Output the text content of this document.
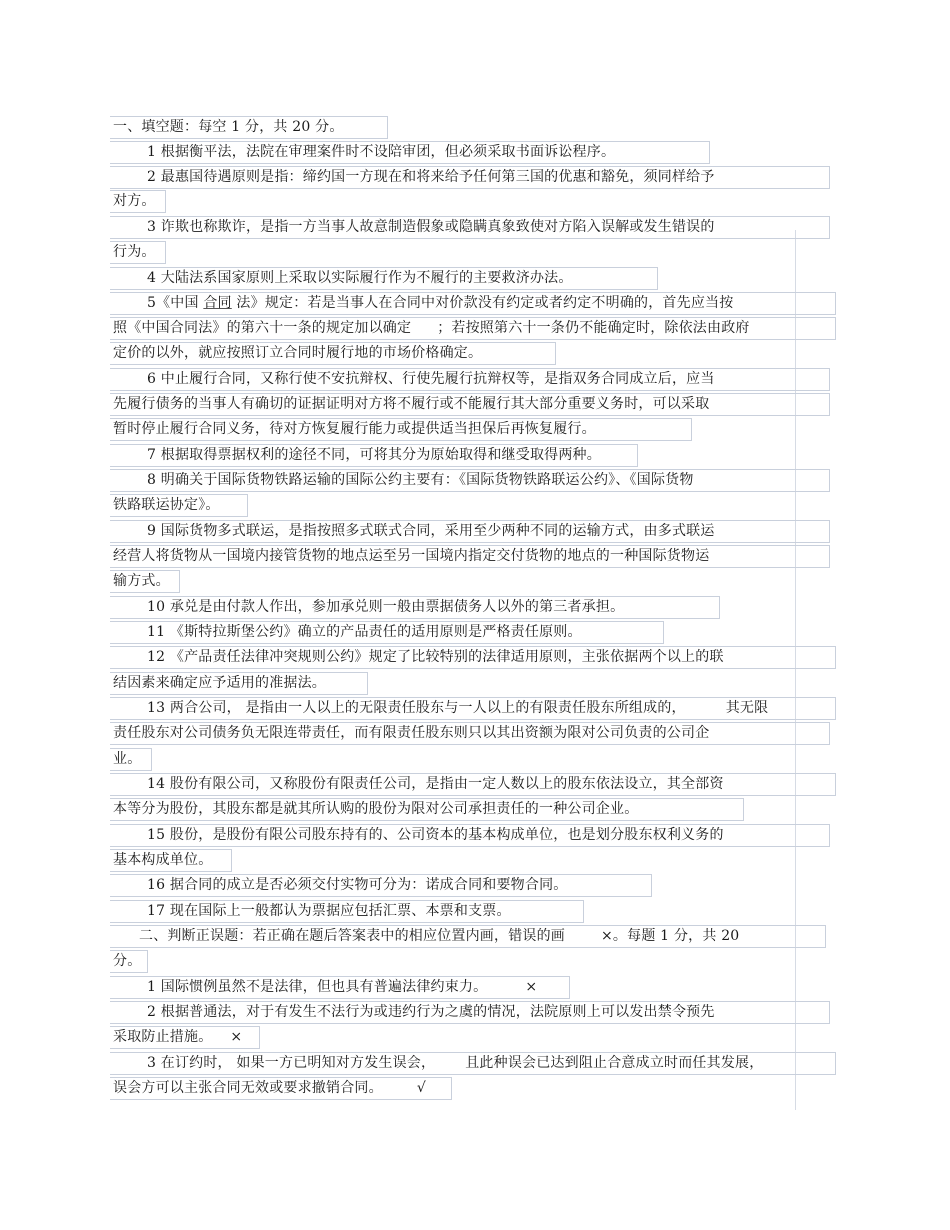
一、填空题：每空 1 分，共 20 分。
1 根据衡平法，法院在审理案件时不设陪审团，但必须采取书面诉讼程序。
2 最惠国待遇原则是指：缔约国一方现在和将来给予任何第三国的优惠和豁免，须同样给予
对方。
3 诈欺也称欺诈，是指一方当事人故意制造假象或隐瞒真象致使对方陷入误解或发生错误的
行为。
4 大陆法系国家原则上采取以实际履行作为不履行的主要救济办法。
5《中国 合同 法》规定：若是当事人在合同中对价款没有约定或者约定不明确的，首先应当按
照《中国合同法》的第六十一条的规定加以确定 ；若按照第六十一条仍不能确定时，除依法由政府
定价的以外，就应按照订立合同时履行地的市场价格确定。
6 中止履行合同，又称行使不安抗辩权、行使先履行抗辩权等，是指双务合同成立后，应当
先履行债务的当事人有确切的证据证明对方将不履行或不能履行其大部分重要义务时，可以采取
暂时停止履行合同义务，待对方恢复履行能力或提供适当担保后再恢复履行。
7 根据取得票据权利的途径不同，可将其分为原始取得和继受取得两种。
8 明确关于国际货物铁路运输的国际公约主要有：《国际货物铁路联运公约》、《国际货物
铁路联运协定》。
9 国际货物多式联运，是指按照多式联式合同，采用至少两种不同的运输方式，由多式联运
经营人将货物从一国境内接管货物的地点运至另一国境内指定交付货物的地点的一种国际货物运
输方式。
10 承兑是由付款人作出，参加承兑则一般由票据债务人以外的第三者承担。
11 《斯特拉斯堡公约》确立的产品责任的适用原则是严格责任原则。
12 《产品责任法律冲突规则公约》规定了比较特别的法律适用原则，主张依据两个以上的联
结因素来确定应予适用的准据法。
13 两合公司， 是指由一人以上的无限责任股东与一人以上的有限责任股东所组成的，	其无限
责任股东对公司债务负无限连带责任，而有限责任股东则只以其出资额为限对公司负责的公司企
业。
14 股份有限公司，又称股份有限责任公司，是指由一定人数以上的股东依法设立，其全部资
本等分为股份，其股东都是就其所认购的股份为限对公司承担责任的一种公司企业。
15 股份，是股份有限公司股东持有的、公司资本的基本构成单位，也是划分股东权利义务的
基本构成单位。
16 据合同的成立是否必须交付实物可分为：诺成合同和要物合同。
17 现在国际上一般都认为票据应包括汇票、本票和支票。
二、判断正误题：若正确在题后答案表中的相应位置内画，错误的画	×。每题 1 分，共 20
分。
1 国际惯例虽然不是法律，但也具有普遍法律约束力。	×
2 根据普通法，对于有发生不法行为或违约行为之虞的情况，法院原则上可以发出禁令预先
采取防止措施。 ×
3 在订约时， 如果一方已明知对方发生误会， 且此种误会已达到阻止合意成立时而任其发展，
误会方可以主张合同无效或要求撤销合同。 √
